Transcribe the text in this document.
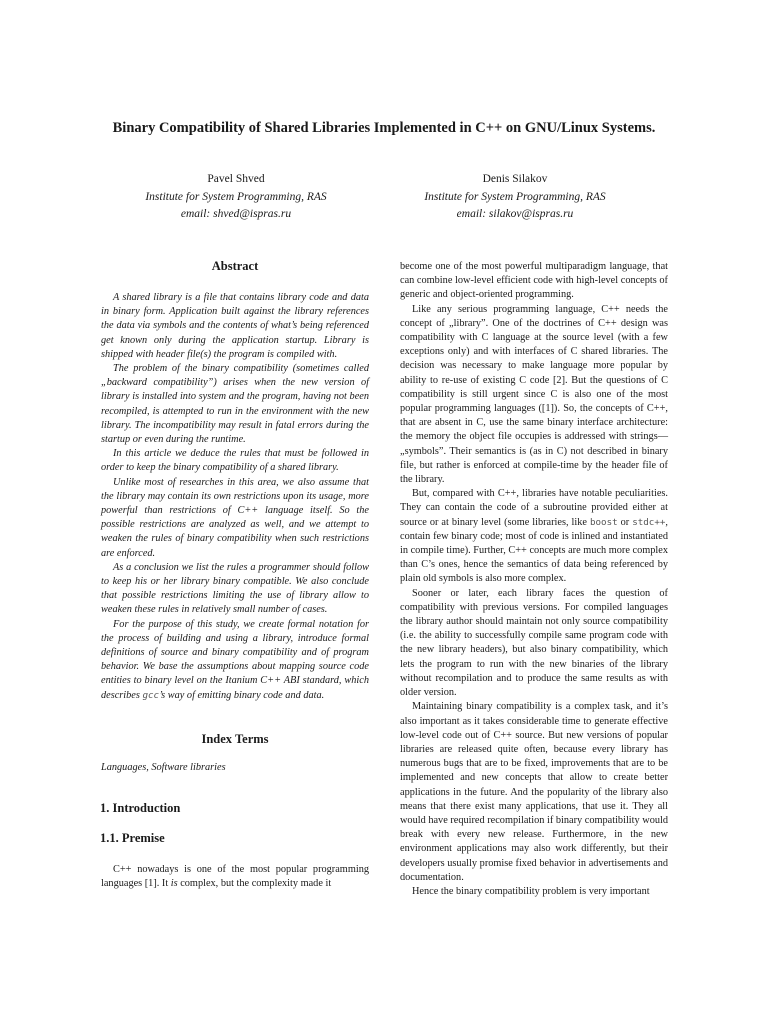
Binary Compatibility of Shared Libraries Implemented in C++ on GNU/Linux Systems.
Pavel Shved
Institute for System Programming, RAS
email: shved@ispras.ru
Denis Silakov
Institute for System Programming, RAS
email: silakov@ispras.ru
Abstract

A shared library is a file that contains library code and data in binary form. Application built against the library references the data via symbols and the contents of what’s being referenced get known only during the application startup. Library is shipped with header file(s) the program is compiled with.

The problem of the binary compatibility (sometimes called „backward compatibility”) arises when the new version of library is installed into system and the program, having not been recompiled, is attempted to run in the environment with the new library. The incompatibility may result in fatal errors during the startup or even during the runtime.

In this article we deduce the rules that must be followed in order to keep the binary compatibility of a shared library.

Unlike most of researches in this area, we also assume that the library may contain its own restrictions upon its usage, more powerful than restrictions of C++ language itself. So the possible restrictions are analyzed as well, and we attempt to weaken the rules of binary compatibility when such restrictions are enforced.

As a conclusion we list the rules a programmer should follow to keep his or her library binary compatible. We also conclude that possible restrictions limiting the use of library allow to weaken these rules in relatively small number of cases.

For the purpose of this study, we create formal notation for the process of building and using a library, introduce formal definitions of source and binary compatibility and of program behavior. We base the assumptions about mapping source code entities to binary level on the Itanium C++ ABI standard, which describes gcc’s way of emitting binary code and data.

Index Terms

Languages, Software libraries

1. Introduction
1.1. Premise

C++ nowadays is one of the most popular programming languages [1]. It is complex, but the complexity made it

become one of the most powerful multiparadigm language, that can combine low-level efficient code with high-level concepts of generic and object-oriented programming.

Like any serious programming language, C++ needs the concept of „library”. One of the doctrines of C++ design was compatibility with C language at the source level (with a few exceptions only) and with interfaces of C shared libraries. The decision was necessary to make language more popular by ability to re-use of existing C code [2]. But the questions of C compatibility is still urgent since C is also one of the most popular programming languages ([1]). So, the concepts of C++, that are absent in C, use the same binary interface architecture: the memory the object file occupies is addressed with strings—„symbols”. Their semantics is (as in C) not described in binary file, but rather is enforced at compile-time by the header file of the library.

But, compared with C++, libraries have notable peculiarities. They can contain the code of a subroutine provided either at source or at binary level (some libraries, like boost or stdc++, contain few binary code; most of code is inlined and instantiated in compile time). Further, C++ concepts are much more complex than C’s ones, hence the semantics of data being referenced by plain old symbols is also more complex.

Sooner or later, each library faces the question of compatibility with previous versions. For compiled languages the library author should maintain not only source compatibility (i.e. the ability to successfully compile same program code with the new library headers), but also binary compatibility, which lets the program to run with the new binaries of the library without recompilation and to produce the same results as with older version.

Maintaining binary compatibility is a complex task, and it’s also important as it takes considerable time to generate effective low-level code out of C++ source. But new versions of popular libraries are released quite often, because every library has numerous bugs that are to be fixed, improvements that are to be implemented and new concepts that allow to create better applications in the future. And the popularity of the library also means that there exist many applications, that use it. They all would have required recompilation if binary compatibility would break with every new release. Furthermore, in the new environment applications may also work differently, but their developers usually promise fixed behavior in advertisements and documentation.

Hence the binary compatibility problem is very important
